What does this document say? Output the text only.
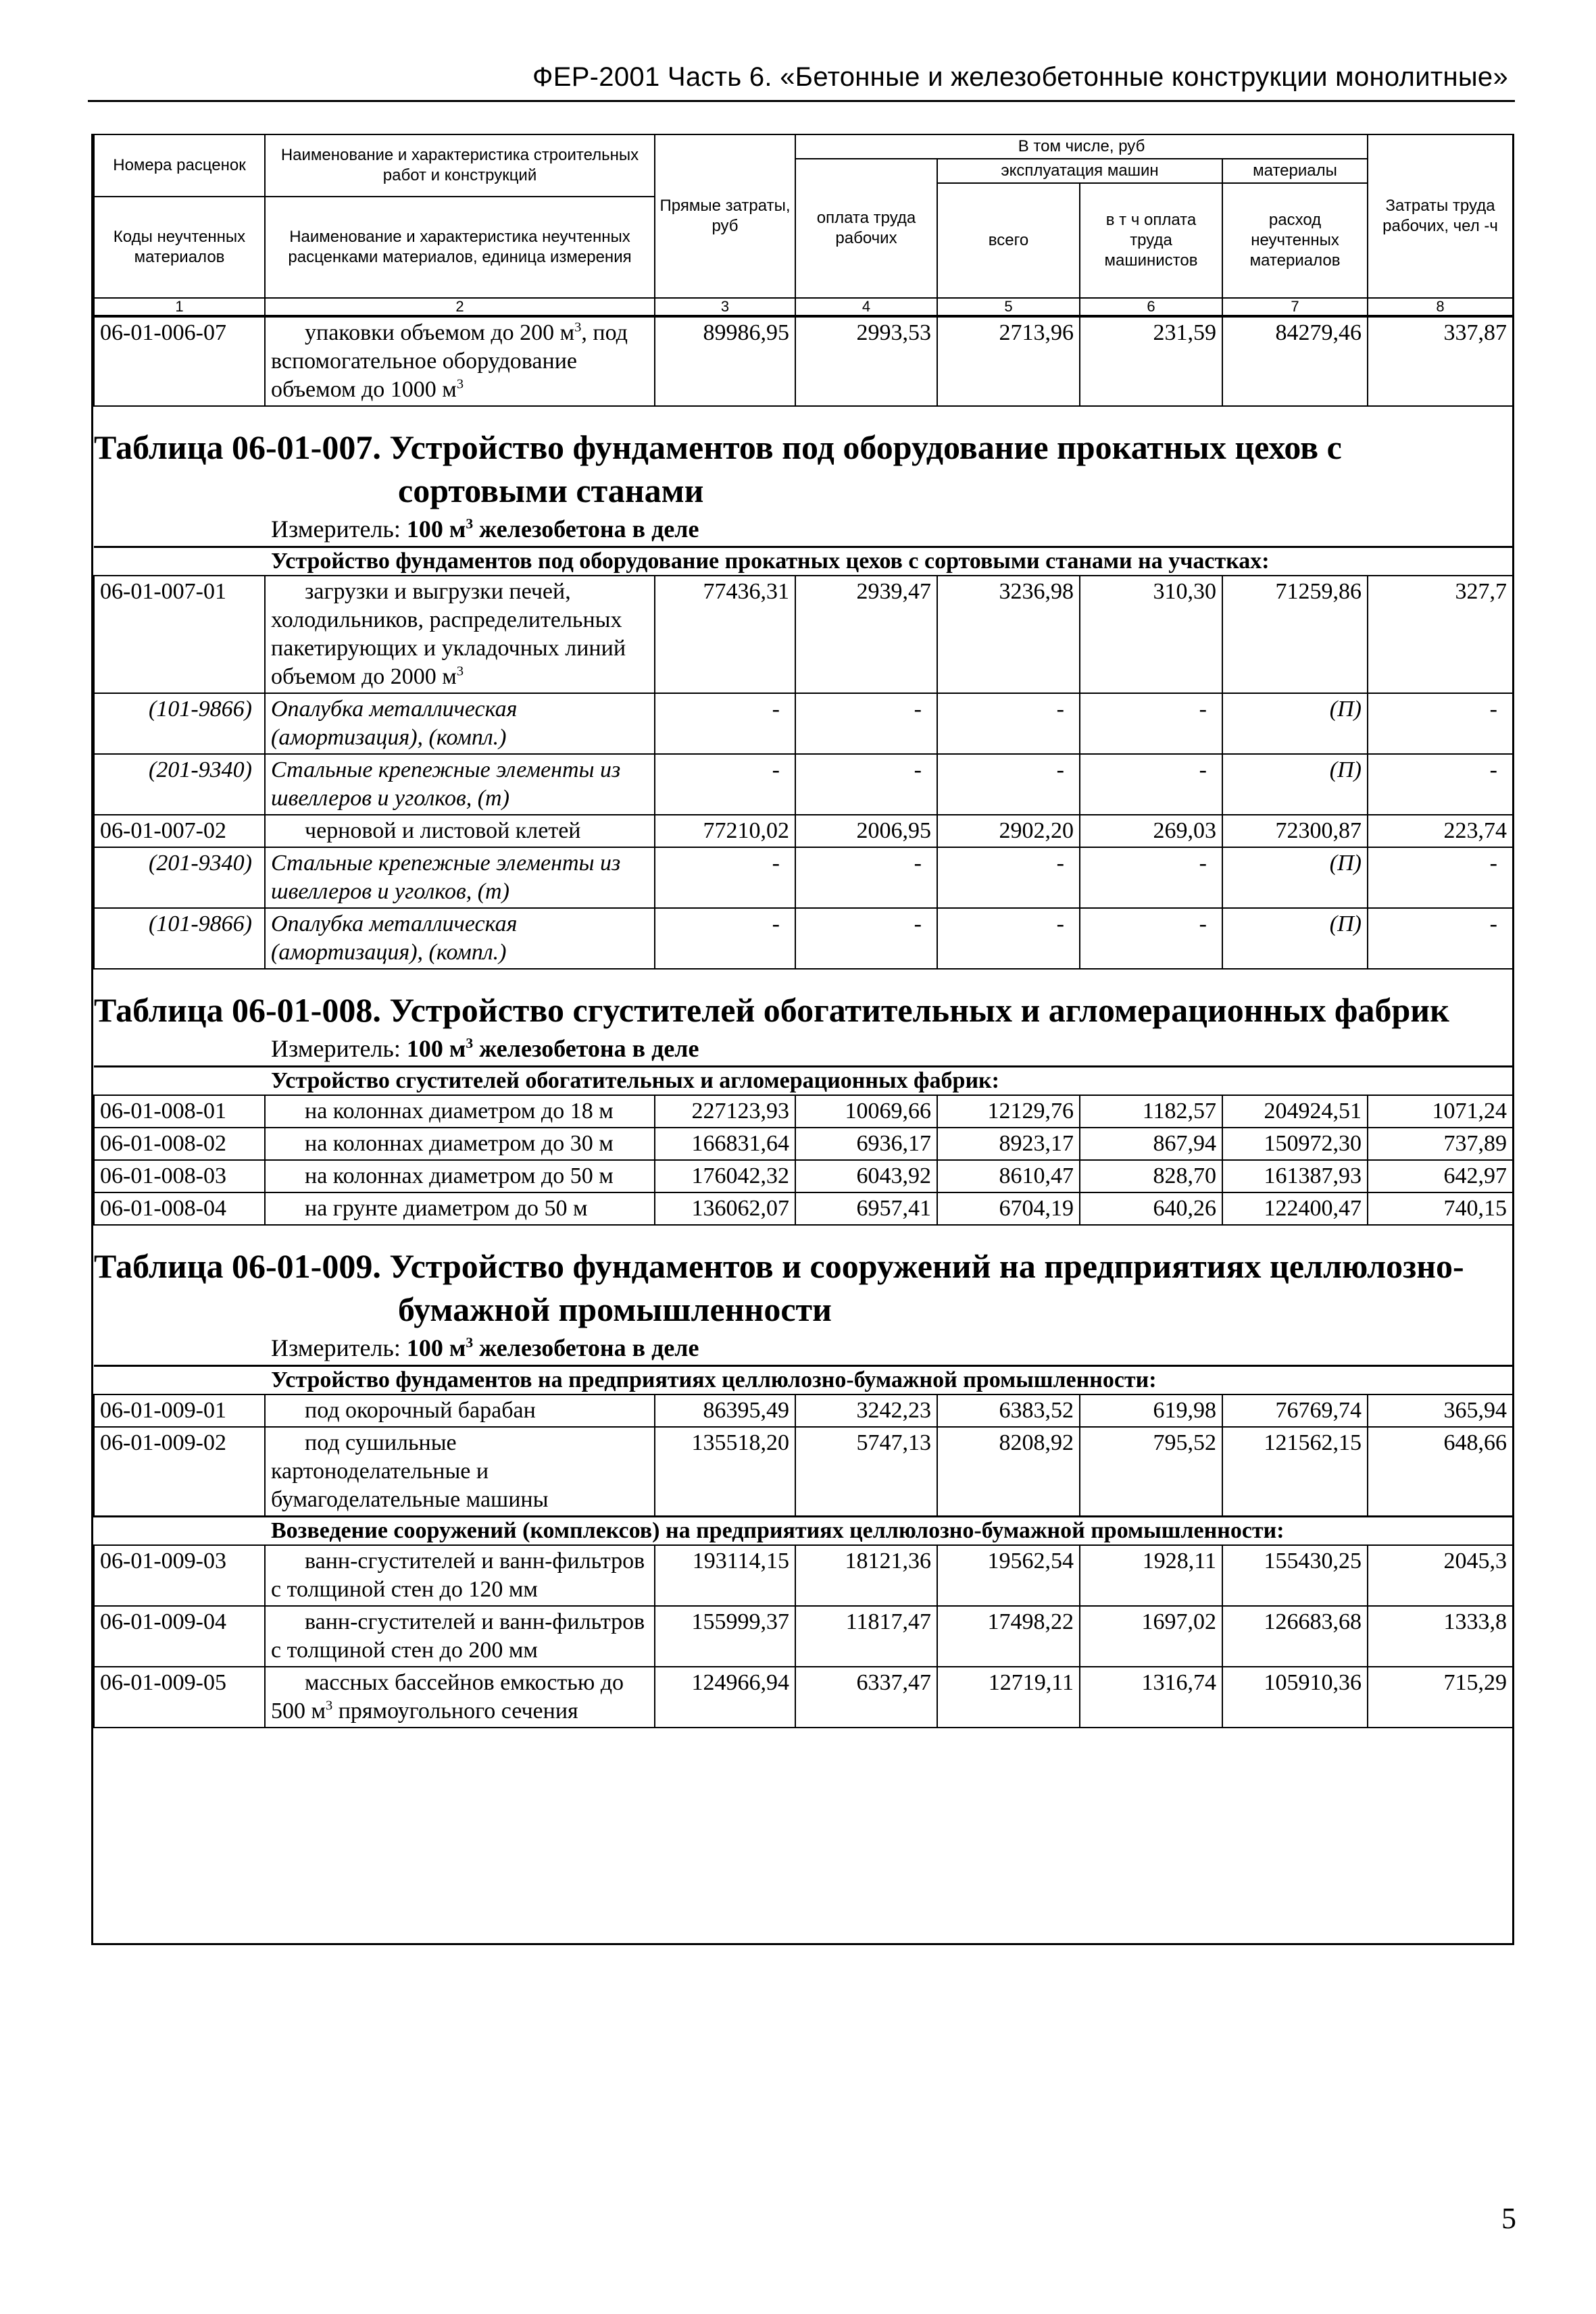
ФЕР-2001 Часть 6. «Бетонные и железобетонные конструкции монолитные»
Номера расценок	Наименование и характеристика строительных работ и конструкций	Прямые затраты, руб	В том числе, руб				Затраты труда рабочих, чел -ч
			оплата труда рабочих	эксплуатация машин		материалы	
				всего	в т ч оплата труда машинистов	расход неучтенных материалов	
Коды неучтенных материалов	Наименование и характеристика неучтенных расценками материалов, единица измерения						

1	2	3	4	5	6	7	8
06-01-006-07	упаковки объемом до 200 $м^3$, под вспомогательное оборудование объемом до 1000 $м^3$	89986,95	2993,53	2713,96	231,59	84279,46	337,87
Таблица 06-01-007. Устройство фундаментов под оборудование прокатных цехов с
сортовыми станами							

Измеритель: 100 $м^3$ железобетона в деле							
Устройство фундаментов под оборудование прокатных цехов с сортовыми станами на участках:							
06-01-007-01	загрузки и выгрузки печей, холодильников, распределительных пакетирующих и укладочных линий объемом до 2000 $м^3$	77436,31	2939,47	3236,98	310,30	71259,86	327,7
(101-9866)	Опалубка металлическая (амортизация), (компл.)	-	-	-	-	(П)	-
(201-9340)	Стальные крепежные элементы из швеллеров и уголков, (т)	-	-	-	-	(П)	-
06-01-007-02	черновой и листовой клетей	77210,02	2006,95	2902,20	269,03	72300,87	223,74
(201-9340)	Стальные крепежные элементы из швеллеров и уголков, (т)	-	-	-	-	(П)	-
(101-9866)	Опалубка металлическая (амортизация), (компл.)	-	-	-	-	(П)	-
Таблица 06-01-008. Устройство сгустителей обогатительных и агломерационных фабрик							
Измеритель: 100 $м^3$ железобетона в деле							
Устройство сгустителей обогатительных и агломерационных фабрик:							
06-01-008-01	на колоннах диаметром до 18 м	227123,93	10069,66	12129,76	1182,57	204924,51	1071,24
06-01-008-02	на колоннах диаметром до 30 м	166831,64	6936,17	8923,17	867,94	150972,30	737,89
06-01-008-03	на колоннах диаметром до 50 м	176042,32	6043,92	8610,47	828,70	161387,93	642,97
06-01-008-04	на грунте диаметром до 50 м	136062,07	6957,41	6704,19	640,26	122400,47	740,15
Таблица 06-01-009. Устройство фундаментов и сооружений на предприятиях целлюлозно-
бумажной промышленности							

Измеритель: 100 $м^3$ железобетона в деле							
Устройство фундаментов на предприятиях целлюлозно-бумажной промышленности:							
06-01-009-01	под окорочный барабан	86395,49	3242,23	6383,52	619,98	76769,74	365,94
06-01-009-02	под сушильные картоноделательные и бумагоделательные машины	135518,20	5747,13	8208,92	795,52	121562,15	648,66
Возведение сооружений (комплексов) на предприятиях целлюлозно-бумажной промышленности:							
06-01-009-03	ванн-сгустителей и ванн-фильтров с толщиной стен до 120 мм	193114,15	18121,36	19562,54	1928,11	155430,25	2045,3
06-01-009-04	ванн-сгустителей и ванн-фильтров с толщиной стен до 200 мм	155999,37	11817,47	17498,22	1697,02	126683,68	1333,8
06-01-009-05	массных бассейнов емкостью до 500 $м^3$ прямоугольного сечения	124966,94	6337,47	12719,11	1316,74	105910,36	715,29
5
